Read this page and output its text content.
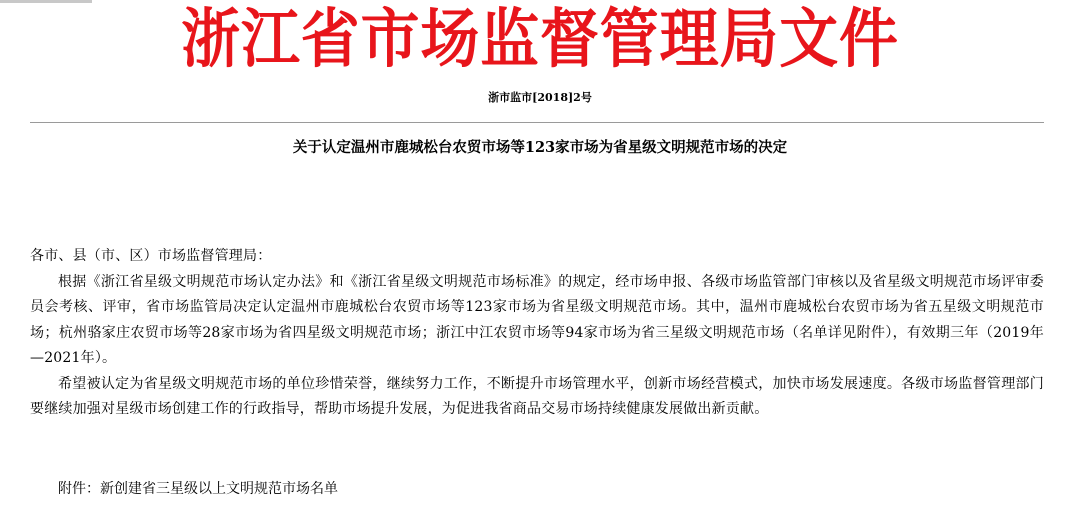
浙江省市场监督管理局文件
浙市监市[2018]2号
关于认定温州市鹿城松台农贸市场等123家市场为省星级文明规范市场的决定

各市、县（市、区）市场监督管理局：

根据《浙江省星级文明规范市场认定办法》和《浙江省星级文明规范市场标准》的规定，经市场申报、各级市场监管部门审核以及省星级文明规范市场评审委员会考核、评审，省市场监管局决定认定温州市鹿城松台农贸市场等123家市场为省星级文明规范市场。其中，温州市鹿城松台农贸市场为省五星级文明规范市场；杭州骆家庄农贸市场等28家市场为省四星级文明规范市场；浙江中江农贸市场等94家市场为省三星级文明规范市场（名单详见附件），有效期三年（2019年—2021年）。

希望被认定为省星级文明规范市场的单位珍惜荣誉，继续努力工作，不断提升市场管理水平，创新市场经营模式，加快市场发展速度。各级市场监督管理部门要继续加强对星级市场创建工作的行政指导，帮助市场提升发展，为促进我省商品交易市场持续健康发展做出新贡献。

附件：新创建省三星级以上文明规范市场名单
